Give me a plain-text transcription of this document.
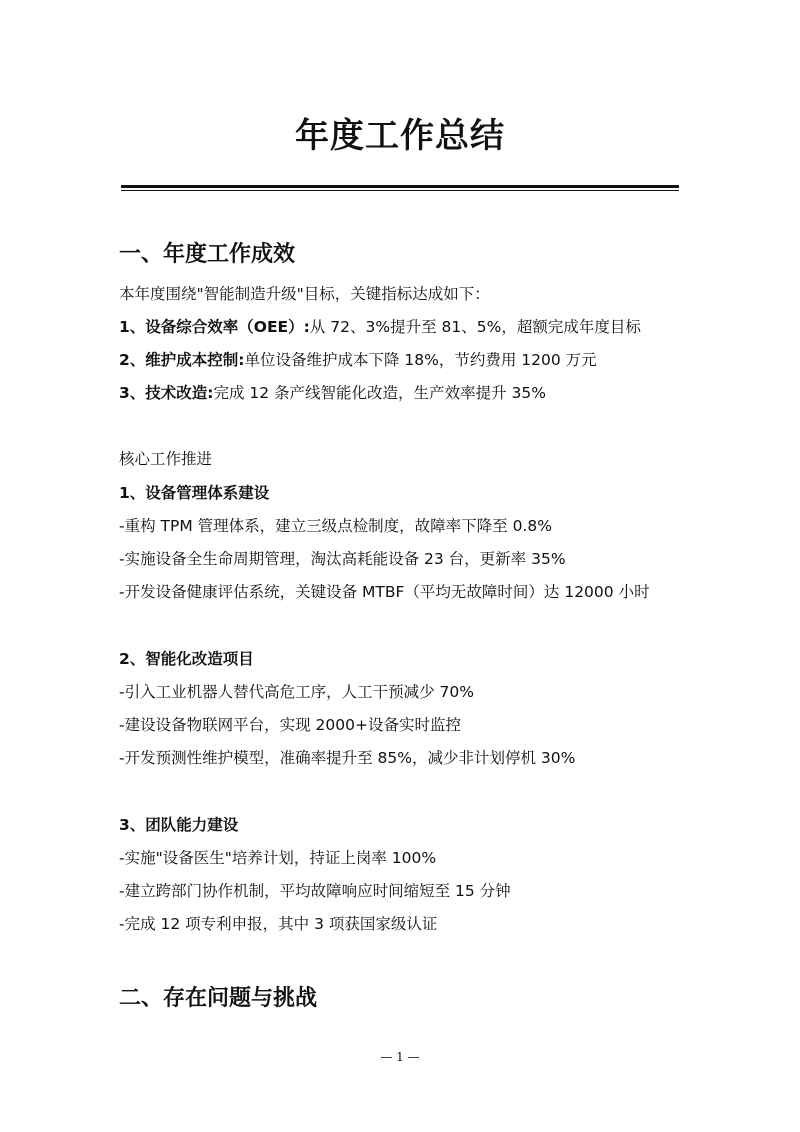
年度工作总结
一、年度工作成效

本年度围绕"智能制造升级"目标，关键指标达成如下：

1、设备综合效率（OEE）:从 72、3%提升至 81、5%，超额完成年度目标

2、维护成本控制:单位设备维护成本下降 18%，节约费用 1200 万元

3、技术改造:完成 12 条产线智能化改造，生产效率提升 35%

核心工作推进

1、设备管理体系建设

-重构 TPM 管理体系，建立三级点检制度，故障率下降至 0.8%

-实施设备全生命周期管理，淘汰高耗能设备 23 台，更新率 35%

-开发设备健康评估系统，关键设备 MTBF（平均无故障时间）达 12000 小时

2、智能化改造项目

-引入工业机器人替代高危工序，人工干预减少 70%

-建设设备物联网平台，实现 2000+设备实时监控

-开发预测性维护模型，准确率提升至 85%，减少非计划停机 30%

3、团队能力建设

-实施"设备医生"培养计划，持证上岗率 100%

-建立跨部门协作机制，平均故障响应时间缩短至 15 分钟

-完成 12 项专利申报，其中 3 项获国家级认证

二、存在问题与挑战
— 1 —
